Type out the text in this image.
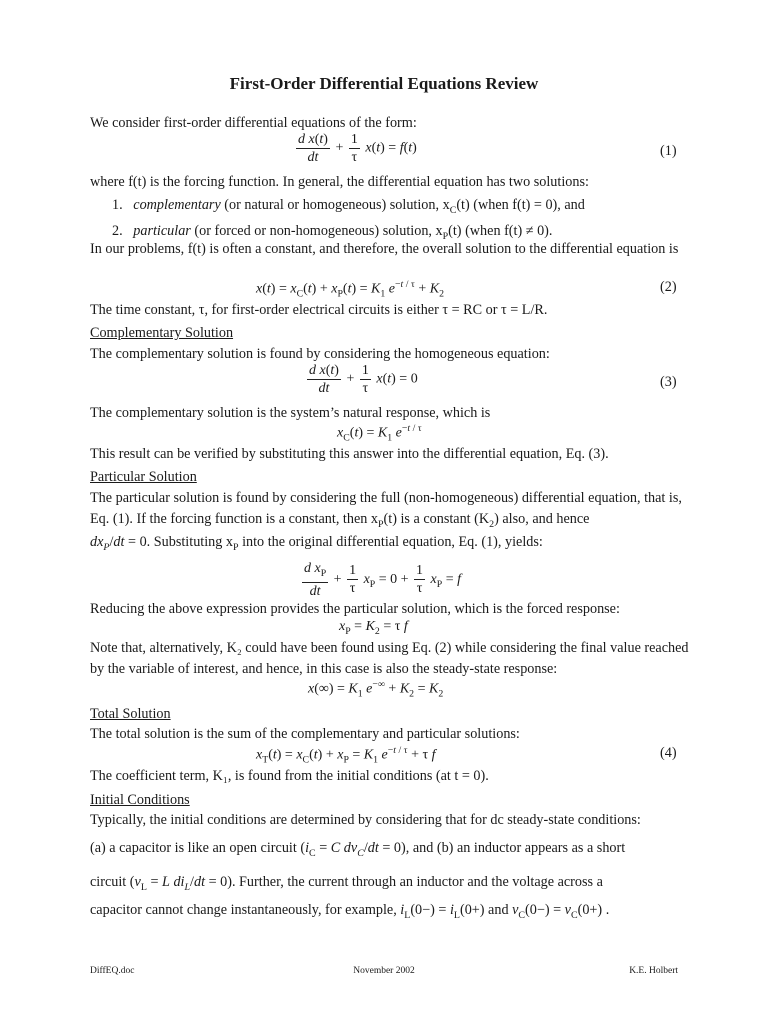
First-Order Differential Equations Review
We consider first-order differential equations of the form:
$\frac{\text{d x(t)}}{dt} + \frac{1}{\tau} x(t) = f(t)$	(1)
where f(t) is the forcing function. In general, the differential equation has two solutions:
1. complementary (or natural or homogeneous) solution, $x_C(t)$ (when f(t) = 0), and
2. particular (or forced or non-homogeneous) solution, $x_P(t)$ (when f(t) ≠ 0).
In our problems, f(t) is often a constant, and therefore, the overall solution to the differential equation is
$x(t) = x_C(t) + x_P(t) = K_1$ $e^{-t / \tau} + K_2$	(2)
The time constant, τ, for first-order electrical circuits is either τ = RC or τ = L/R.
Complementary Solution
The complementary solution is found by considering the homogeneous equation:
$\frac{\text{d x(t)}}{dt} + \frac{1}{\tau} x(t) = 0$	(3)
The complementary solution is the system’s natural response, which is
$x_C(t) = K_1$ $e^{-t / \tau}$
This result can be verified by substituting this answer into the differential equation, Eq. (3).
Particular Solution
The particular solution is found by considering the full (non-homogeneous) differential equation, that is, Eq. (1). If the forcing function is a constant, then $x_P(t)$ is a constant $(K_2)$ also, and hence
$dx_P/dt = 0$. Substituting $x_P$ into the original differential equation, Eq. (1), yields:
$\frac{d x_P}{dt} + \frac{1}{\tau} x_P = 0 + \frac{1}{\tau} x_P = f$
Reducing the above expression provides the particular solution, which is the forced response:
$x_P = K_2 = \tau$ f
Note that, alternatively, K₂ could have been found using Eq. (2) while considering the final value reached by the variable of interest, and hence, in this case is also the steady-state response:
$x(\infty) = K_1$ $e^{-\infty} + K_2 = K_2$
Total Solution
The total solution is the sum of the complementary and particular solutions:
$x_T(t) = x_C(t) + x_P = K_1$ $e^{-t / \tau} + \tau$ f	(4)
The coefficient term, K₁, is found from the initial conditions (at t = 0).
Initial Conditions
Typically, the initial conditions are determined by considering that for dc steady-state conditions:
(a) a capacitor is like an open circuit ($i_C = C$ $dv_C/dt = 0$), and (b) an inductor appears as a short
circuit ($v_L = L$ $di_L/dt = 0$). Further, the current through an inductor and the voltage across a
capacitor cannot change instantaneously, for example, $i_L(0-) = i_L(0+)$ and $v_C(0-) = v_C(0+)$ .
DiffEQ.doc	November 2002	K.E. Holbert
